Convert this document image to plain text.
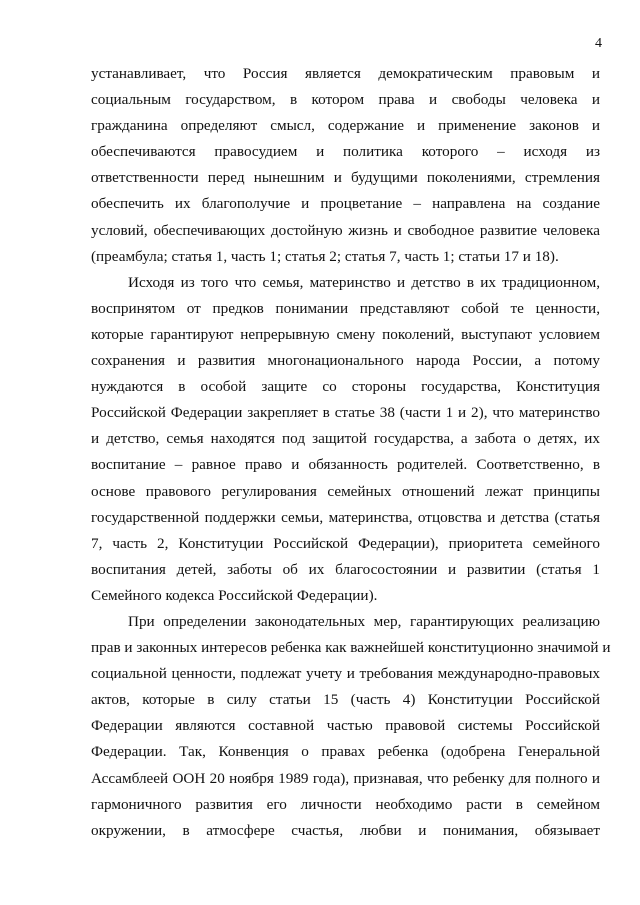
4
устанавливает, что Россия является демократическим правовым и
социальным государством, в котором права и свободы человека и
гражданина определяют смысл, содержание и применение законов и
обеспечиваются правосудием и политика которого – исходя из
ответственности перед нынешним и будущими поколениями, стремления
обеспечить их благополучие и процветание – направлена на создание
условий, обеспечивающих достойную жизнь и свободное развитие человека
(преамбула; статья 1, часть 1; статья 2; статья 7, часть 1; статьи 17 и 18).
Исходя из того что семья, материнство и детство в их традиционном,
воспринятом от предков понимании представляют собой те ценности,
которые гарантируют непрерывную смену поколений, выступают условием
сохранения и развития многонационального народа России, а потому
нуждаются в особой защите со стороны государства, Конституция
Российской Федерации закрепляет в статье 38 (части 1 и 2), что материнство
и детство, семья находятся под защитой государства, а забота о детях, их
воспитание – равное право и обязанность родителей. Соответственно, в
основе правового регулирования семейных отношений лежат принципы
государственной поддержки семьи, материнства, отцовства и детства (статья
7, часть 2, Конституции Российской Федерации), приоритета семейного
воспитания детей, заботы об их благосостоянии и развитии (статья 1
Семейного кодекса Российской Федерации).
При определении законодательных мер, гарантирующих реализацию
прав и законных интересов ребенка как важнейшей конституционно значимой и
социальной ценности, подлежат учету и требования международно-правовых
актов, которые в силу статьи 15 (часть 4) Конституции Российской
Федерации являются составной частью правовой системы Российской
Федерации. Так, Конвенция о правах ребенка (одобрена Генеральной
Ассамблеей ООН 20 ноября 1989 года), признавая, что ребенку для полного и
гармоничного развития его личности необходимо расти в семейном
окружении, в атмосфере счастья, любви и понимания, обязывает
